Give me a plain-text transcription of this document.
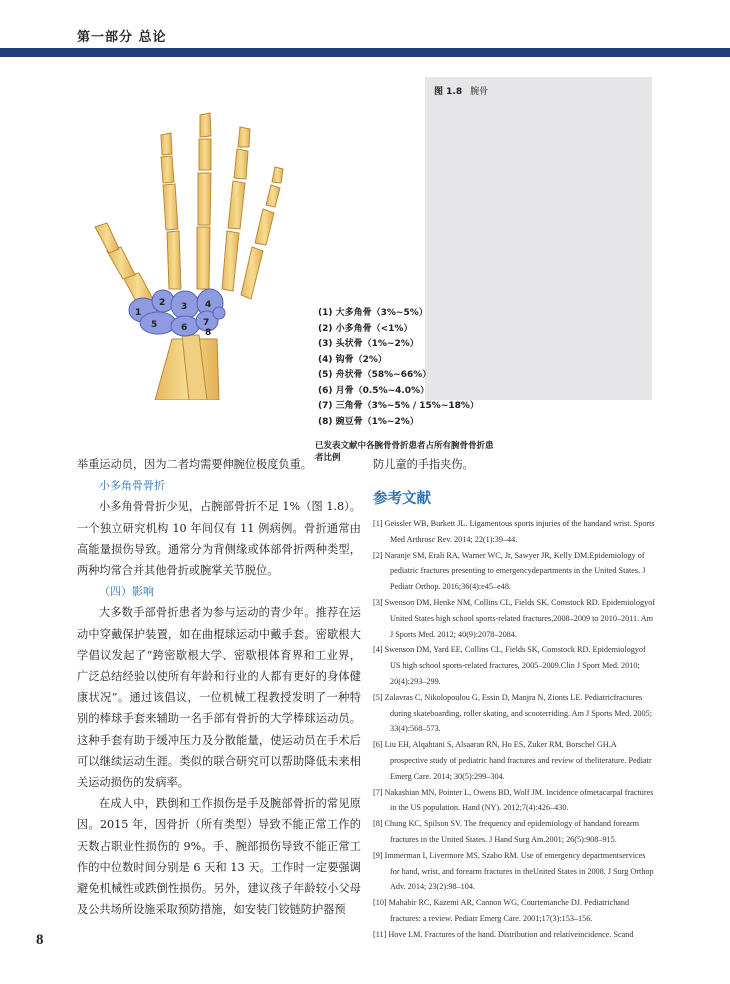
第一部分 总论
1
2 3 4
5	6 7
8
(1) 大多角骨（3%~5%）
(2) 小多角骨（<1%）
(3) 头状骨（1%~2%）
(4) 钩骨（2%）
(5) 舟状骨（58%~66%）
(6) 月骨（0.5%~4.0%）
(7) 三角骨（3%~5% / 15%~18%）
(8) 豌豆骨（1%~2%）
已发表文献中各腕骨骨折患者占所有腕骨骨折患者比例
图 1.8 腕骨

举重运动员，因为二者均需要伸腕位极度负重。

小多角骨骨折

小多角骨骨折少见，占腕部骨折不足 1%（图 1.8）。一个独立研究机构 10 年间仅有 11 例病例。骨折通常由高能量损伤导致。通常分为背侧缘或体部骨折两种类型，两种均常合并其他骨折或腕掌关节脱位。

（四）影响

大多数手部骨折患者为参与运动的青少年。推荐在运动中穿戴保护装置，如在曲棍球运动中戴手套。密歇根大学倡议发起了“跨密歇根大学、密歇根体育界和工业界，广泛总结经验以使所有年龄和行业的人都有更好的身体健康状况”。通过该倡议，一位机械工程教授发明了一种特别的棒球手套来辅助一名手部有骨折的大学棒球运动员。这种手套有助于缓冲压力及分散能量，使运动员在手术后可以继续运动生涯。类似的联合研究可以帮助降低未来相关运动损伤的发病率。

在成人中，跌倒和工作损伤是手及腕部骨折的常见原因。2015 年，因骨折（所有类型）导致不能正常工作的天数占职业性损伤的 9%。手、腕部损伤导致不能正常工作的中位数时间分别是 6 天和 13 天。工作时一定要强调避免机械性或跌倒性损伤。另外，建议孩子年龄较小父母及公共场所设施采取预防措施，如安装门铰链防护器预

防儿童的手指夹伤。

参考文献
[1] Geissler WB, Burkett JL. Ligamentous sports injuries of the handand wrist. Sports Med Arthrosc Rev. 2014; 22(1):39–44.
[2] Naranje SM, Erali RA, Warner WC, Jr, Sawyer JR, Kelly DM.Epidemiology of pediatric fractures presenting to emergencydepartments in the United States. J Pediatr Orthop. 2016;36(4):e45–e48.
[3] Swenson DM, Henke NM, Collins CL, Fields SK, Comstock RD. Epidemiologyof United States high school sports-related fractures,2008–2009 to 2010–2011. Am J Sports Med. 2012; 40(9):2078–2084.
[4] Swenson DM, Yard EE, Collins CL, Fields SK, Comstock RD. Epidemiologyof US high school sports-related fractures, 2005–2009.Clin J Sport Med. 2010; 20(4):293–299.
[5] Zalavras C, Nikolopoulou G, Essin D, Manjra N, Zionts LE. Pediatricfractures during skateboarding, roller skating, and scooterriding. Am J Sports Med. 2005; 33(4):568–573.
[6] Liu EH, Alqahtani S, Alsaaran RN, Ho ES, Zuker RM, Borschel GH.A prospective study of pediatric hand fractures and review of theliterature. Pediatr Emerg Care. 2014; 30(5):299–304.
[7] Nakashian MN, Pointer L, Owens BD, Wolf JM. Incidence ofmetacarpal fractures in the US population. Hand (NY). 2012;7(4):426–430.
[8] Chung KC, Spilson SV. The frequency and epidemiology of handand forearm fractures in the United States. J Hand Surg Am.2001; 26(5):908–915.
[9] Immerman I, Livermore MS, Szabo RM. Use of emergency departmentservices for hand, wrist, and forearm fractures in theUnited States in 2008. J Surg Orthop Adv. 2014; 23(2):98–104.
[10] Mahabir RC, Kazemi AR, Cannon WG, Courtemanche DJ. Pediatrichand fractures: a review. Pediatr Emerg Care. 2001;17(3):153–156.
[11] Hove LM. Fractures of the hand. Distribution and relativeincidence. Scand
8
